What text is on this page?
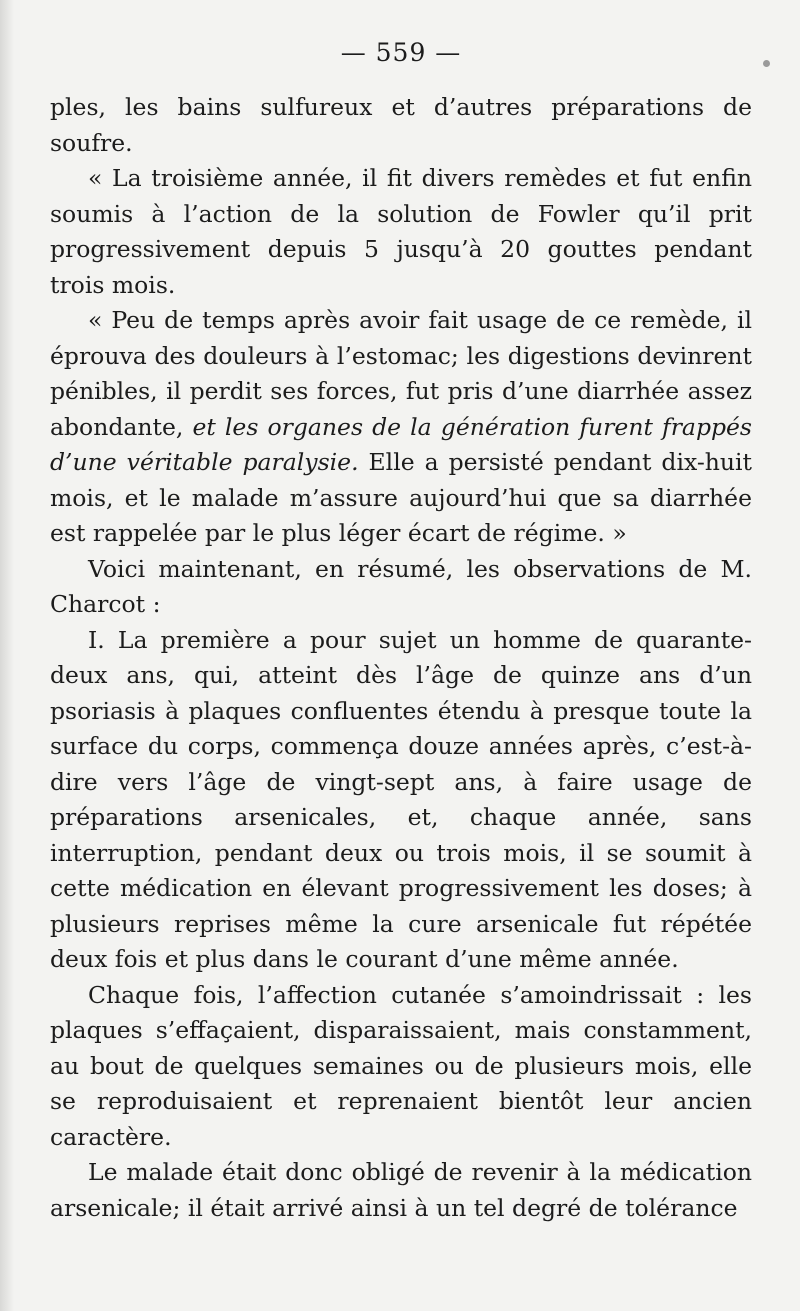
— 559 —

ples, les bains sulfureux et d’autres préparations de soufre.

« La troisième année, il fit divers remèdes et fut enfin soumis à l’action de la solution de Fowler qu’il prit progressivement depuis 5 jusqu’à 20 gouttes pendant trois mois.

« Peu de temps après avoir fait usage de ce remède, il éprouva des douleurs à l’estomac; les digestions devinrent pénibles, il perdit ses forces, fut pris d’une diarrhée assez abondante, et les organes de la génération furent frappés d’une véritable paralysie. Elle a persisté pendant dix-huit mois, et le malade m’assure aujourd’hui que sa diarrhée est rappelée par le plus léger écart de régime. »

Voici maintenant, en résumé, les observations de M. Charcot :

I. La première a pour sujet un homme de quarante-deux ans, qui, atteint dès l’âge de quinze ans d’un psoriasis à plaques confluentes étendu à presque toute la surface du corps, commença douze années après, c’est-à-dire vers l’âge de vingt-sept ans, à faire usage de préparations arsenicales, et, chaque année, sans interruption, pendant deux ou trois mois, il se soumit à cette médication en élevant progressivement les doses; à plusieurs reprises même la cure arsenicale fut répétée deux fois et plus dans le courant d’une même année.

Chaque fois, l’affection cutanée s’amoindrissait : les plaques s’effaçaient, disparaissaient, mais constamment, au bout de quelques semaines ou de plusieurs mois, elle se reproduisaient et reprenaient bientôt leur ancien caractère.

Le malade était donc obligé de revenir à la médication arsenicale; il était arrivé ainsi à un tel degré de tolérance
